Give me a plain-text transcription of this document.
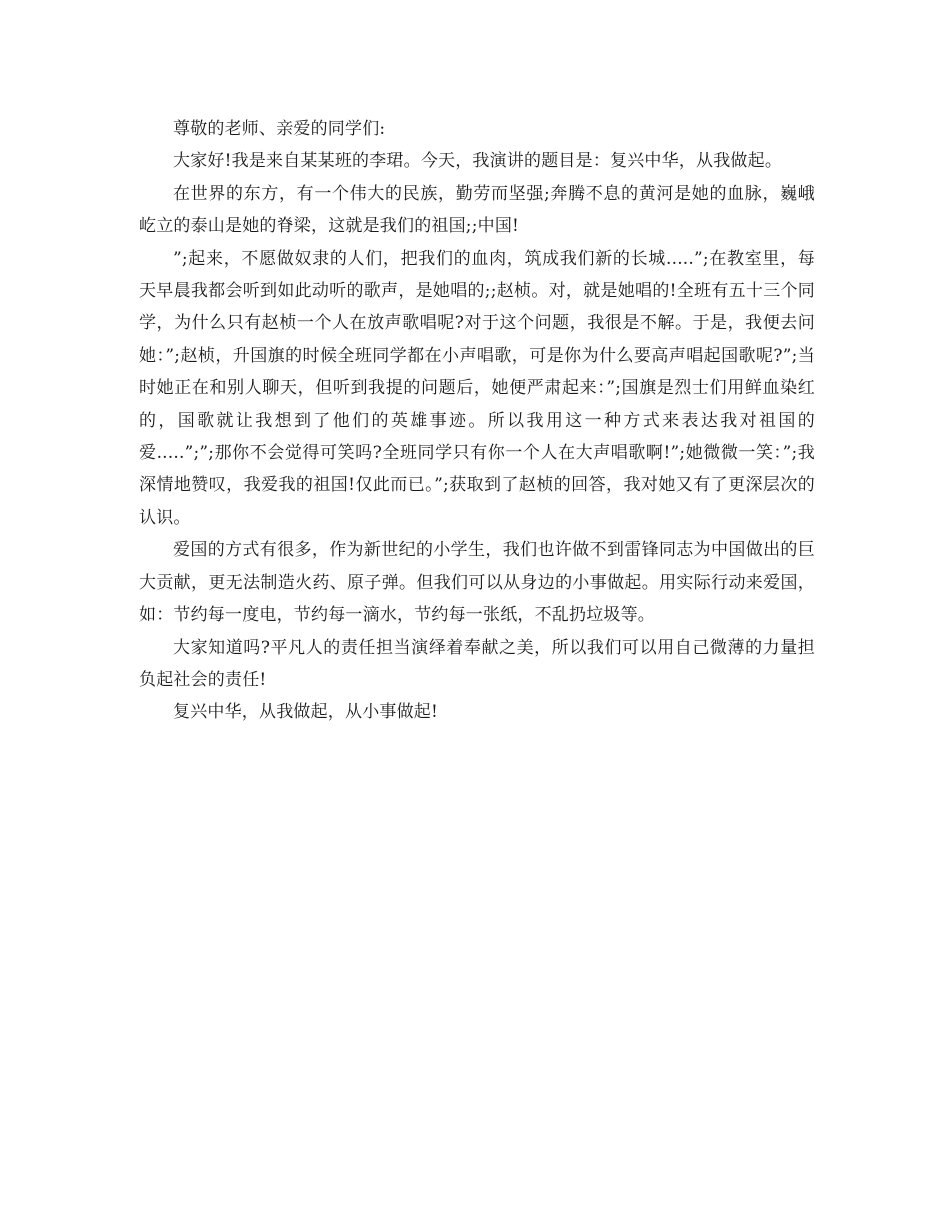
尊敬的老师、亲爱的同学们:

大家好!我是来自某某班的李珺。今天，我演讲的题目是：复兴中华，从我做起。

在世界的东方，有一个伟大的民族，勤劳而坚强;奔腾不息的黄河是她的血脉，巍峨屹立的泰山是她的脊梁，这就是我们的祖国;;中国!

”;起来，不愿做奴隶的人们，把我们的血肉，筑成我们新的长城.....”;在教室里，每天早晨我都会听到如此动听的歌声，是她唱的;;赵桢。对，就是她唱的!全班有五十三个同学，为什么只有赵桢一个人在放声歌唱呢?对于这个问题，我很是不解。于是，我便去问她：”;赵桢，升国旗的时候全班同学都在小声唱歌，可是你为什么要高声唱起国歌呢?”;当时她正在和别人聊天，但听到我提的问题后，她便严肃起来：”;国旗是烈士们用鲜血染红的，国歌就让我想到了他们的英雄事迹。所以我用这一种方式来表达我对祖国的爱.....”;”;那你不会觉得可笑吗?全班同学只有你一个人在大声唱歌啊!”;她微微一笑：”;我深情地赞叹，我爱我的祖国!仅此而已。”;获取到了赵桢的回答，我对她又有了更深层次的认识。

爱国的方式有很多，作为新世纪的小学生，我们也许做不到雷锋同志为中国做出的巨大贡献，更无法制造火药、原子弹。但我们可以从身边的小事做起。用实际行动来爱国，如：节约每一度电，节约每一滴水，节约每一张纸，不乱扔垃圾等。

大家知道吗?平凡人的责任担当演绎着奉献之美，所以我们可以用自己微薄的力量担负起社会的责任!

复兴中华，从我做起，从小事做起!
